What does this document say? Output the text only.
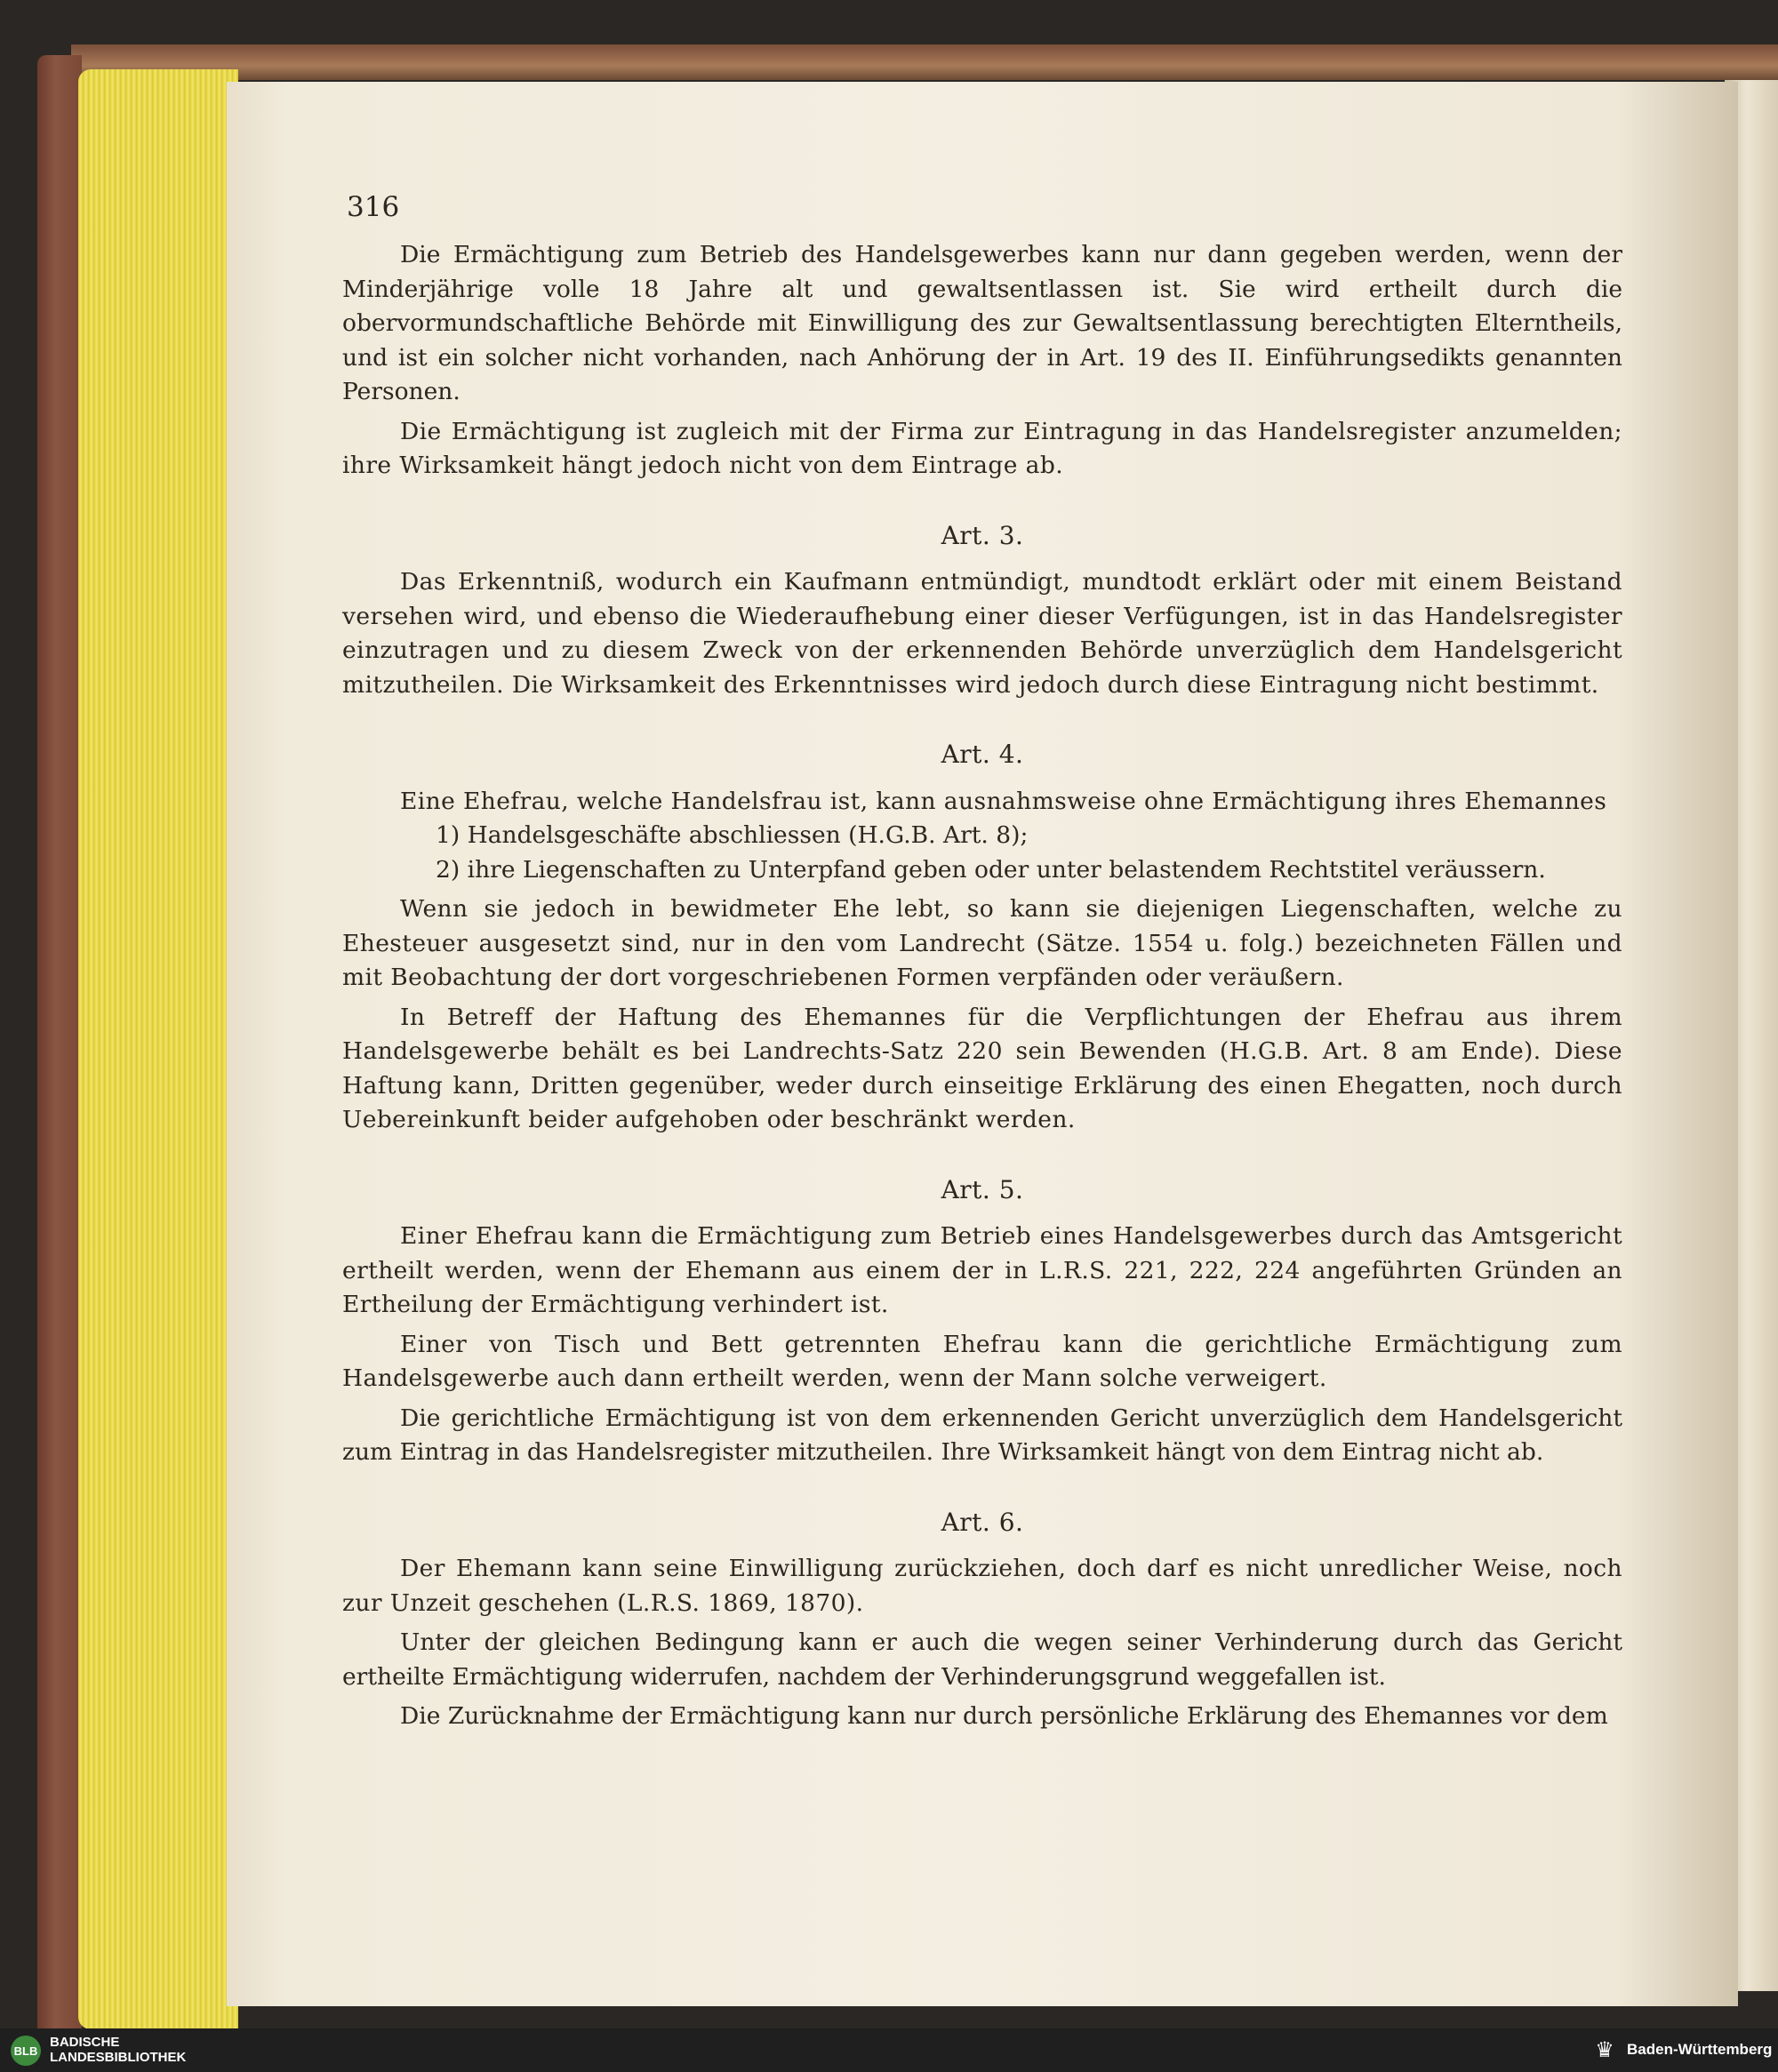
316

Die Ermächtigung zum Betrieb des Handelsgewerbes kann nur dann gegeben werden, wenn der Minderjährige volle 18 Jahre alt und gewaltsentlassen ist. Sie wird ertheilt durch die obervormundschaftliche Behörde mit Einwilligung des zur Gewaltsentlassung berechtigten Elterntheils, und ist ein solcher nicht vorhanden, nach Anhörung der in Art. 19 des II. Einführungsedikts genannten Personen.

Die Ermächtigung ist zugleich mit der Firma zur Eintragung in das Handelsregister anzumelden; ihre Wirksamkeit hängt jedoch nicht von dem Eintrage ab.

Art. 3.

Das Erkenntniß, wodurch ein Kaufmann entmündigt, mundtodt erklärt oder mit einem Beistand versehen wird, und ebenso die Wiederaufhebung einer dieser Verfügungen, ist in das Handelsregister einzutragen und zu diesem Zweck von der erkennenden Behörde unverzüglich dem Handelsgericht mitzutheilen. Die Wirksamkeit des Erkenntnisses wird jedoch durch diese Eintragung nicht bestimmt.

Art. 4.

Eine Ehefrau, welche Handelsfrau ist, kann ausnahmsweise ohne Ermächtigung ihres Ehemannes

1) Handelsgeschäfte abschliessen (H.G.B. Art. 8);

2) ihre Liegenschaften zu Unterpfand geben oder unter belastendem Rechtstitel veräussern.

Wenn sie jedoch in bewidmeter Ehe lebt, so kann sie diejenigen Liegenschaften, welche zu Ehesteuer ausgesetzt sind, nur in den vom Landrecht (Sätze. 1554 u. folg.) bezeichneten Fällen und mit Beobachtung der dort vorgeschriebenen Formen verpfänden oder veräußern.

In Betreff der Haftung des Ehemannes für die Verpflichtungen der Ehefrau aus ihrem Handelsgewerbe behält es bei Landrechts-Satz 220 sein Bewenden (H.G.B. Art. 8 am Ende). Diese Haftung kann, Dritten gegenüber, weder durch einseitige Erklärung des einen Ehegatten, noch durch Uebereinkunft beider aufgehoben oder beschränkt werden.

Art. 5.

Einer Ehefrau kann die Ermächtigung zum Betrieb eines Handelsgewerbes durch das Amtsgericht ertheilt werden, wenn der Ehemann aus einem der in L.R.S. 221, 222, 224 angeführten Gründen an Ertheilung der Ermächtigung verhindert ist.

Einer von Tisch und Bett getrennten Ehefrau kann die gerichtliche Ermächtigung zum Handelsgewerbe auch dann ertheilt werden, wenn der Mann solche verweigert.

Die gerichtliche Ermächtigung ist von dem erkennenden Gericht unverzüglich dem Handelsgericht zum Eintrag in das Handelsregister mitzutheilen. Ihre Wirksamkeit hängt von dem Eintrag nicht ab.

Art. 6.

Der Ehemann kann seine Einwilligung zurückziehen, doch darf es nicht unredlicher Weise, noch zur Unzeit geschehen (L.R.S. 1869, 1870).

Unter der gleichen Bedingung kann er auch die wegen seiner Verhinderung durch das Gericht ertheilte Ermächtigung widerrufen, nachdem der Verhinderungsgrund weggefallen ist.

Die Zurücknahme der Ermächtigung kann nur durch persönliche Erklärung des Ehemannes vor dem

BLB
BADISCHE
LANDESBIBLIOTHEK	♛ Baden-Württemberg
